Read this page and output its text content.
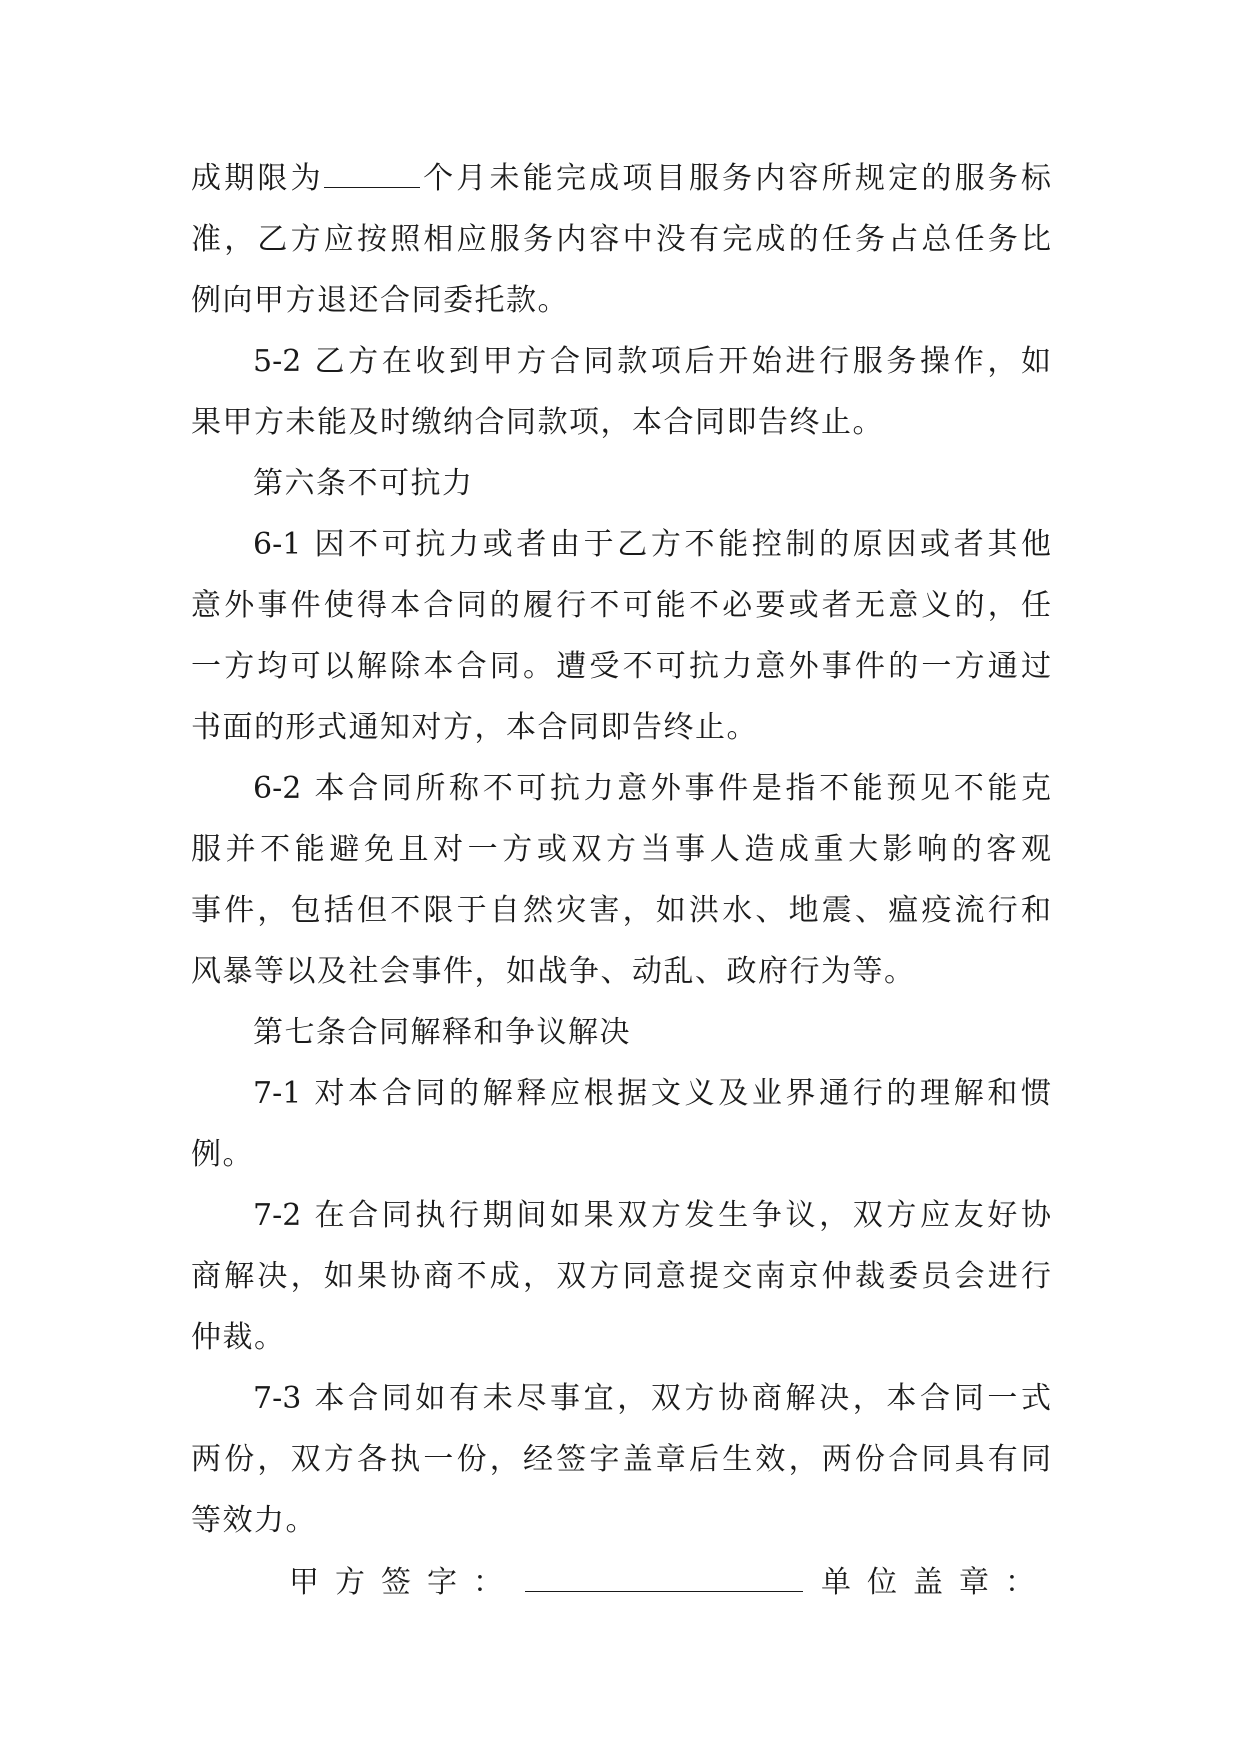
成期限为	个月未能完成项目服务内容所规定的服务标
准，乙方应按照相应服务内容中没有完成的任务占总任务比
例向甲方退还合同委托款。
5-2 乙方在收到甲方合同款项后开始进行服务操作，如
果甲方未能及时缴纳合同款项，本合同即告终止。
第六条不可抗力
6-1 因不可抗力或者由于乙方不能控制的原因或者其他
意外事件使得本合同的履行不可能不必要或者无意义的，任
一方均可以解除本合同。遭受不可抗力意外事件的一方通过
书面的形式通知对方，本合同即告终止。
6-2 本合同所称不可抗力意外事件是指不能预见不能克
服并不能避免且对一方或双方当事人造成重大影响的客观
事件，包括但不限于自然灾害，如洪水、地震、瘟疫流行和
风暴等以及社会事件，如战争、动乱、政府行为等。
第七条合同解释和争议解决
7-1 对本合同的解释应根据文义及业界通行的理解和惯
例。
7-2 在合同执行期间如果双方发生争议，双方应友好协
商解决，如果协商不成，双方同意提交南京仲裁委员会进行
仲裁。
7-3 本合同如有未尽事宜，双方协商解决，本合同一式
两份，双方各执一份，经签字盖章后生效，两份合同具有同
等效力。
甲方签字：	单位盖章：
